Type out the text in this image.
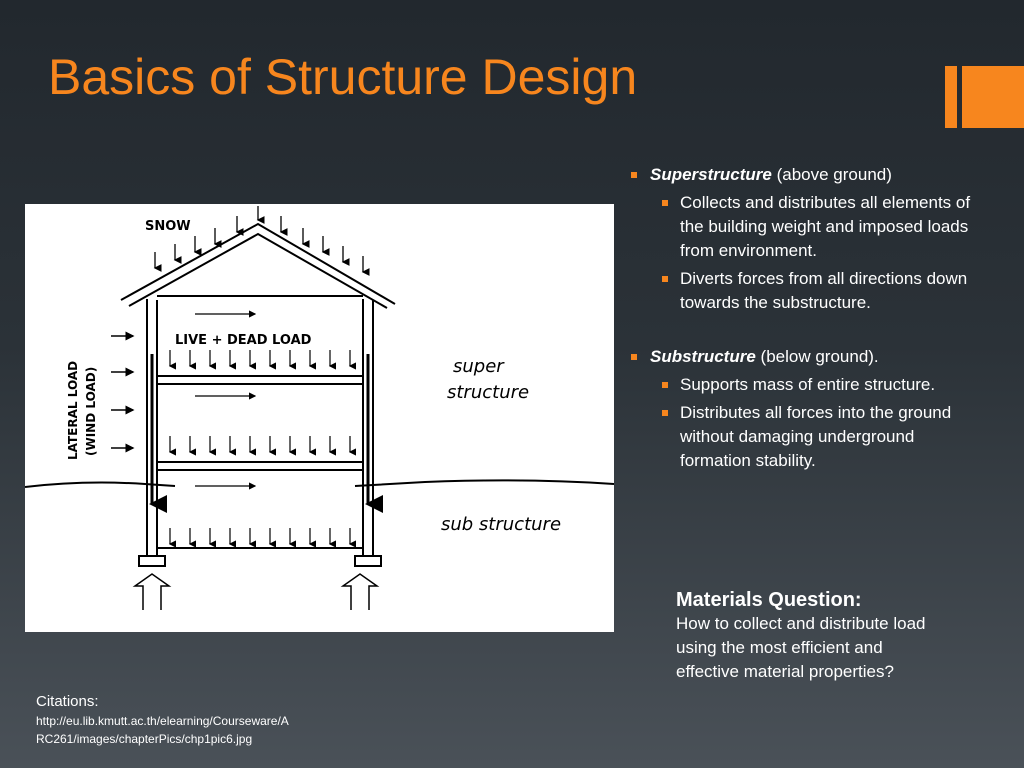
Basics of Structure Design
SNOW
LIVE + DEAD LOAD
LATERAL LOAD (WIND LOAD)
super
structure
sub structure
Superstructure (above ground)
Collects and distributes all elements of the building weight and imposed loads from environment.
Diverts forces from all directions down towards the substructure.
Substructure (below ground).
Supports mass of entire structure.
Distributes all forces into the ground without damaging underground formation stability.
Materials Question:
How to collect and distribute load using the most efficient and effective material properties?
Citations:
http://eu.lib.kmutt.ac.th/elearning/Courseware/ARC261/images/chapterPics/chp1pic6.jpg
